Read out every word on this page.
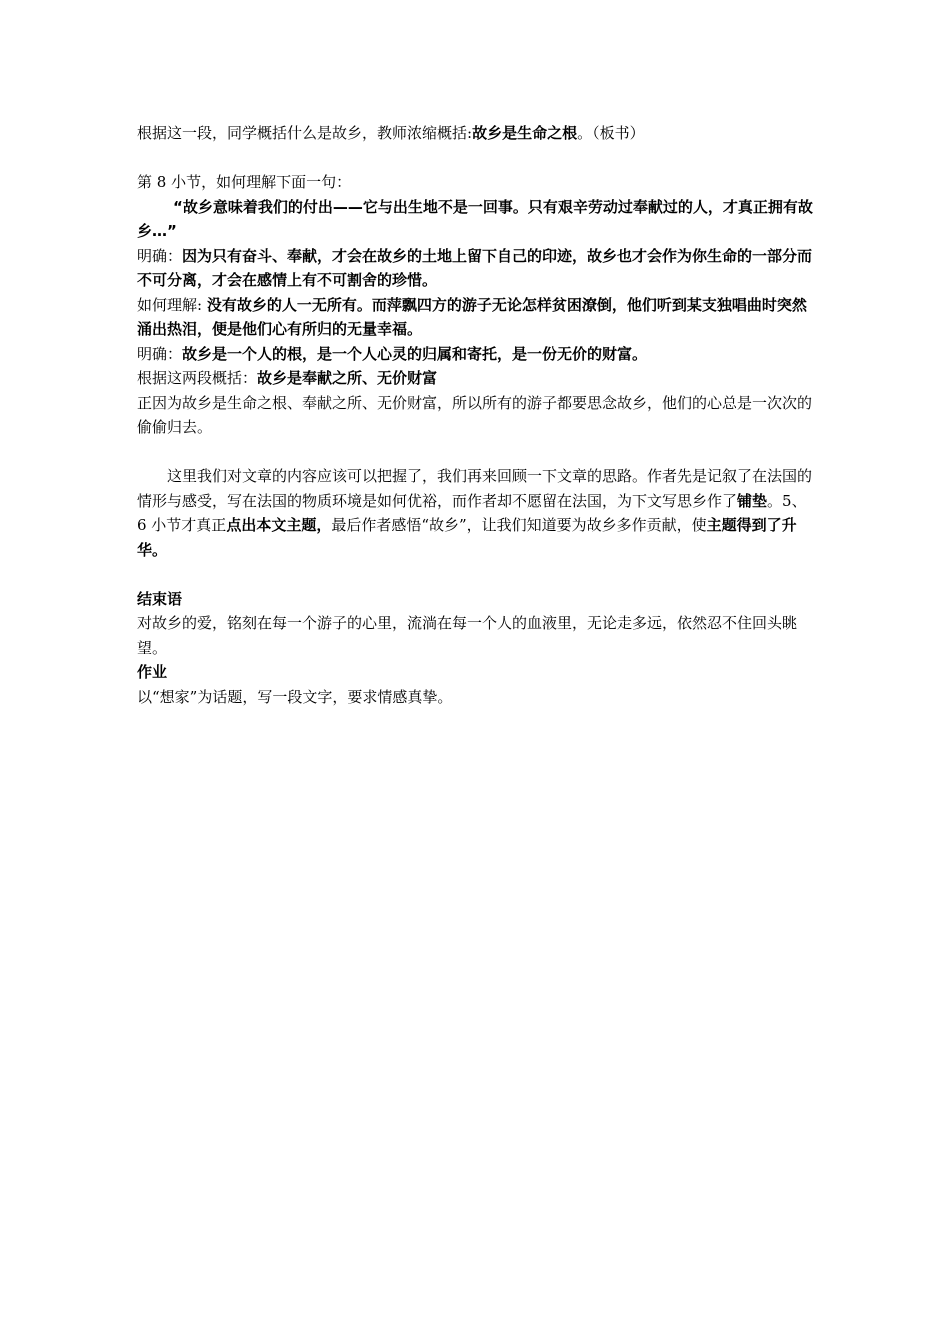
根据这一段，同学概括什么是故乡，教师浓缩概括:故乡是生命之根。（板书）

第 8 小节，如何理解下面一句：

“故乡意味着我们的付出——它与出生地不是一回事。只有艰辛劳动过奉献过的人，才真正拥有故乡…”

明确：因为只有奋斗、奉献，才会在故乡的土地上留下自己的印迹，故乡也才会作为你生命的一部分而不可分离，才会在感情上有不可割舍的珍惜。

如何理解: 没有故乡的人一无所有。而萍飘四方的游子无论怎样贫困潦倒，他们听到某支独唱曲时突然涌出热泪，便是他们心有所归的无量幸福。

明确：故乡是一个人的根，是一个人心灵的归属和寄托，是一份无价的财富。

根据这两段概括：故乡是奉献之所、无价财富

正因为故乡是生命之根、奉献之所、无价财富，所以所有的游子都要思念故乡，他们的心总是一次次的偷偷归去。

这里我们对文章的内容应该可以把握了，我们再来回顾一下文章的思路。作者先是记叙了在法国的情形与感受，写在法国的物质环境是如何优裕，而作者却不愿留在法国，为下文写思乡作了铺垫。5、6 小节才真正点出本文主题，最后作者感悟“故乡”，让我们知道要为故乡多作贡献，使主题得到了升华。

结束语

对故乡的爱，铭刻在每一个游子的心里，流淌在每一个人的血液里，无论走多远，依然忍不住回头眺望。

作业

以“想家”为话题，写一段文字，要求情感真挚。
